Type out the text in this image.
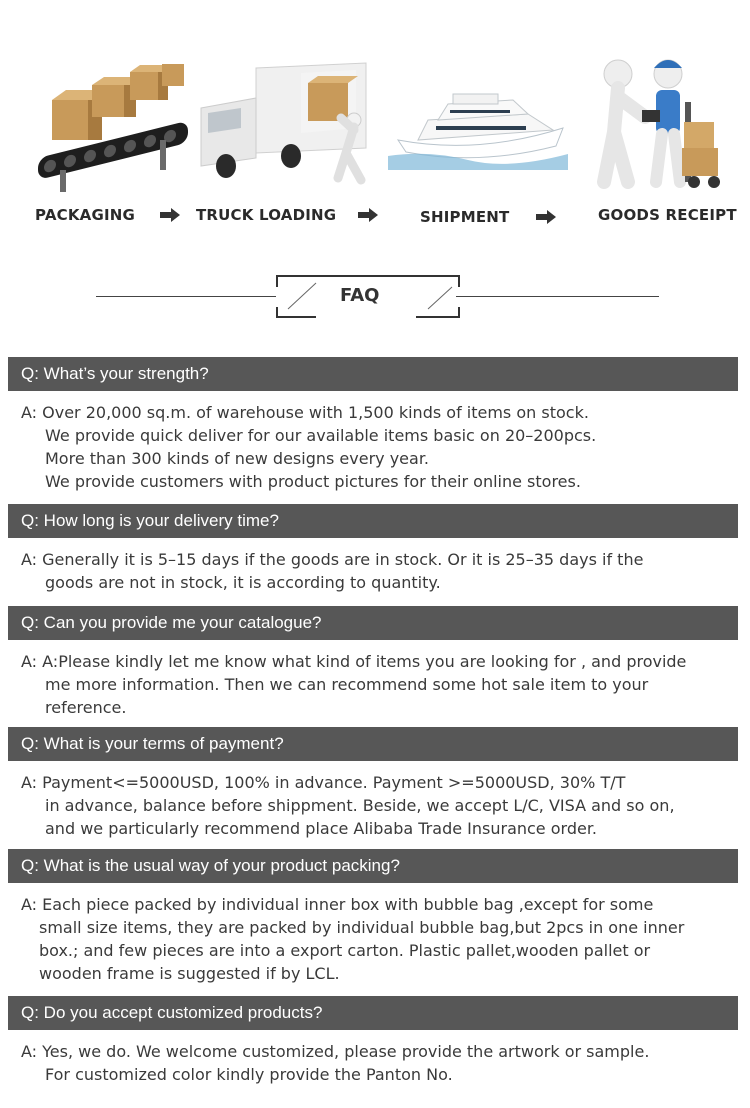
PACKAGING	TRUCK LOADING	SHIPMENT	GOODS RECEIPT
FAQ
Q: What’s your strength?
A: Over 20,000 sq.m. of warehouse with 1,500 kinds of items on stock.
We provide quick deliver for our available items basic on 20–200pcs.
More than 300 kinds of new designs every year.
We provide customers with product pictures for their online stores.
Q: How long is your delivery time?
A: Generally it is 5–15 days if the goods are in stock. Or it is 25–35 days if the
goods are not in stock, it is according to quantity.
Q: Can you provide me your catalogue?
A: A:Please kindly let me know what kind of items you are looking for , and provide
me more information. Then we can recommend some hot sale item to your
reference.
Q: What is your terms of payment?
A: Payment<=5000USD, 100% in advance. Payment >=5000USD, 30% T/T
in advance, balance before shippment. Beside, we accept L/C, VISA and so on,
and we particularly recommend place Alibaba Trade Insurance order.
Q: What is the usual way of your product packing?
A: Each piece packed by individual inner box with bubble bag ,except for some
small size items, they are packed by individual bubble bag,but 2pcs in one inner
box.; and few pieces are into a export carton. Plastic pallet,wooden pallet or
wooden frame is suggested if by LCL.
Q: Do you accept customized products?
A: Yes, we do. We welcome customized, please provide the artwork or sample.
For customized color kindly provide the Panton No.
